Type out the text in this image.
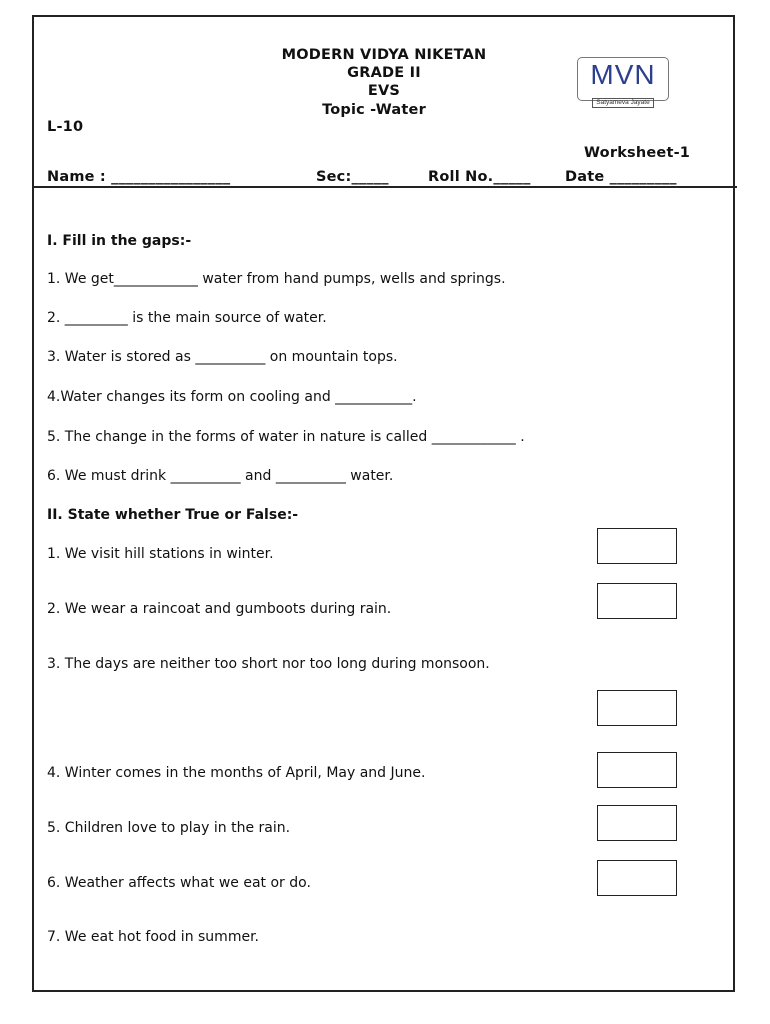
MODERN VIDYA NIKETAN
GRADE II
EVS
L-10
Topic -Water
Worksheet-1
MVN
Satyameva Jayate
Name : ________________	Sec:_____	Roll No._____ Date _________
I. Fill in the gaps:-
1. We get____________ water from hand pumps, wells and springs.
2. _________ is the main source of water.
3. Water is stored as __________ on mountain tops.
4.Water changes its form on cooling and ___________.
5. The change in the forms of water in nature is called ____________ .
6. We must drink __________ and __________ water.
II. State whether True or False:-
1. We visit hill stations in winter.
2. We wear a raincoat and gumboots during rain.
3. The days are neither too short nor too long during monsoon.
4. Winter comes in the months of April, May and June.
5. Children love to play in the rain.
6. Weather affects what we eat or do.
7. We eat hot food in summer.
